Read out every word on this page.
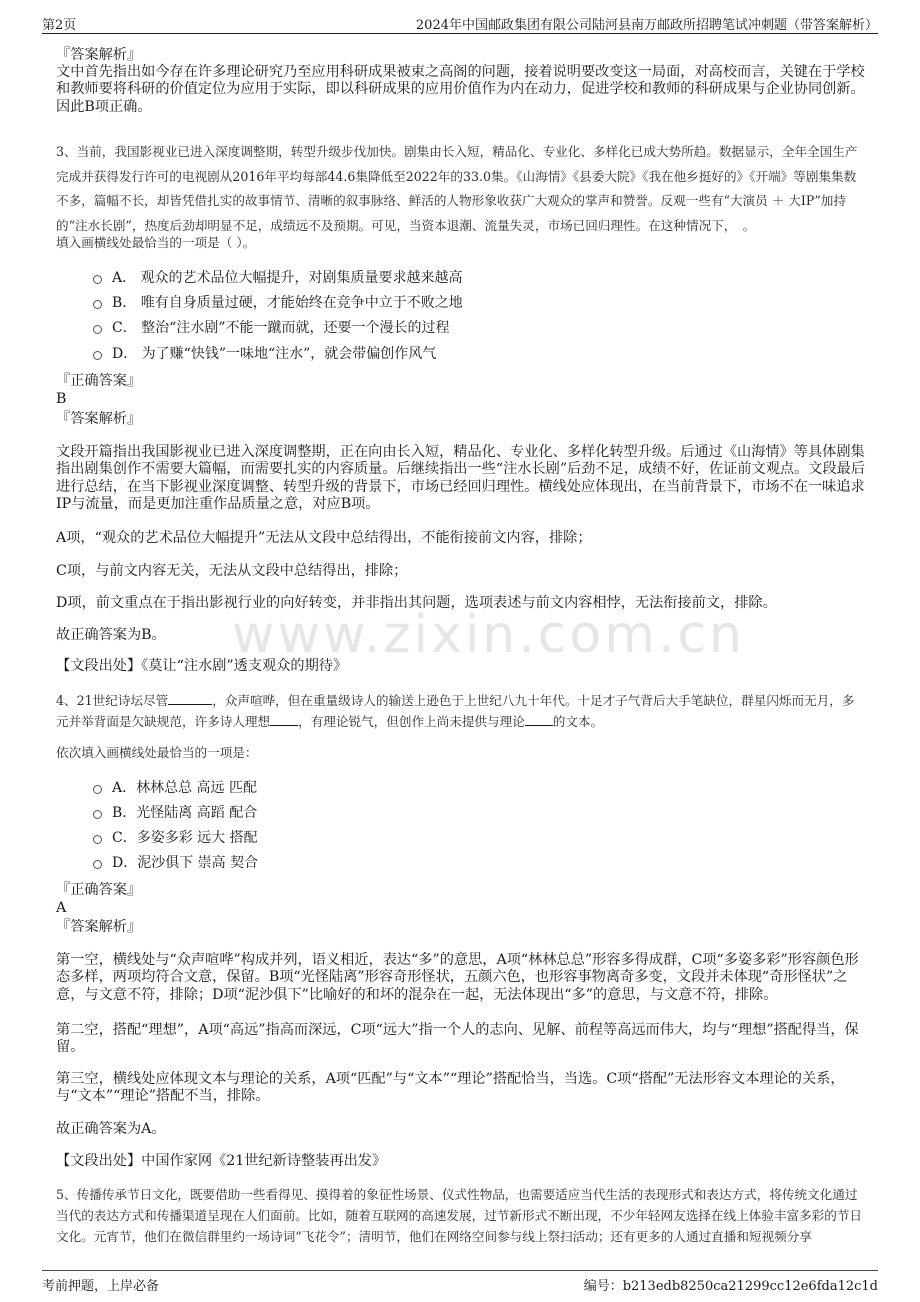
第2页	2024年中国邮政集团有限公司陆河县南万邮政所招聘笔试冲刺题（带答案解析）
www.zixin.com.cn
『答案解析』
文中首先指出如今存在许多理论研究乃至应用科研成果被束之高阁的问题，接着说明要改变这一局面，对高校而言，关键在于学校和教师要将科研的价值定位为应用于实际，即以科研成果的应用价值作为内在动力，促进学校和教师的科研成果与企业协同创新。因此B项正确。
3、当前，我国影视业已进入深度调整期，转型升级步伐加快。剧集由长入短，精品化、专业化、多样化已成大势所趋。数据显示，全年全国生产完成并获得发行许可的电视剧从2016年平均每部44.6集降低至2022年的33.0集。《山海情》《县委大院》《我在他乡挺好的》《开端》等剧集集数不多，篇幅不长，却皆凭借扎实的故事情节、清晰的叙事脉络、鲜活的人物形象收获广大观众的掌声和赞誉。反观一些有“大演员 ＋ 大IP”加持的“注水长剧”，热度后劲却明显不足，成绩远不及预期。可见，当资本退潮、流量失灵，市场已回归理性。在这种情况下，　。
填入画横线处最恰当的一项是（ ）。
A． 观众的艺术品位大幅提升，对剧集质量要求越来越高
B． 唯有自身质量过硬，才能始终在竞争中立于不败之地
C． 整治“注水剧”不能一蹴而就，还要一个漫长的过程
D． 为了赚“快钱”一味地“注水”，就会带偏创作风气
『正确答案』
B
『答案解析』
文段开篇指出我国影视业已进入深度调整期，正在向由长入短，精品化、专业化、多样化转型升级。后通过《山海情》等具体剧集指出剧集创作不需要大篇幅，而需要扎实的内容质量。后继续指出一些“注水长剧”后劲不足，成绩不好，佐证前文观点。文段最后进行总结，在当下影视业深度调整、转型升级的背景下，市场已经回归理性。横线处应体现出，在当前背景下，市场不在一味追求IP与流量，而是更加注重作品质量之意，对应B项。
A项，“观众的艺术品位大幅提升”无法从文段中总结得出，不能衔接前文内容，排除；
C项，与前文内容无关，无法从文段中总结得出，排除；
D项，前文重点在于指出影视行业的向好转变，并非指出其问题，选项表述与前文内容相悖，无法衔接前文，排除。
故正确答案为B。
【文段出处】《莫让“注水剧”透支观众的期待》
4、21世纪诗坛尽管	，众声喧哗，但在重量级诗人的输送上逊色于上世纪八九十年代。十足才子气背后大手笔缺位，群星闪烁而无月，多元并举背面是欠缺规范，许多诗人理想 ，有理论锐气，但创作上尚未提供与理论 的文本。
依次填入画横线处最恰当的一项是：
A．林林总总 高远 匹配
B．光怪陆离 高蹈 配合
C．多姿多彩 远大 搭配
D．泥沙俱下 崇高 契合
『正确答案』
A
『答案解析』
第一空，横线处与“众声喧哗”构成并列，语义相近，表达“多”的意思，A项“林林总总”形容多得成群，C项“多姿多彩”形容颜色形态多样，两项均符合文意，保留。B项“光怪陆离”形容奇形怪状，五颜六色，也形容事物离奇多变，文段并未体现“奇形怪状”之意，与文意不符，排除；D项“泥沙俱下”比喻好的和坏的混杂在一起，无法体现出“多”的意思，与文意不符，排除。
第二空，搭配“理想”，A项“高远”指高而深远，C项“远大”指一个人的志向、见解、前程等高远而伟大，均与“理想”搭配得当，保留。
第三空，横线处应体现文本与理论的关系，A项“匹配”与“文本”“理论”搭配恰当，当选。C项“搭配”无法形容文本理论的关系，与“文本”“理论”搭配不当，排除。
故正确答案为A。
【文段出处】中国作家网《21世纪新诗整装再出发》
5、传播传承节日文化，既要借助一些看得见、摸得着的象征性场景、仪式性物品，也需要适应当代生活的表现形式和表达方式，将传统文化通过当代的表达方式和传播渠道呈现在人们面前。比如，随着互联网的高速发展，过节新形式不断出现，不少年轻网友选择在线上体验丰富多彩的节日文化。元宵节，他们在微信群里约一场诗词“飞花令”；清明节，他们在网络空间参与线上祭扫活动；还有更多的人通过直播和短视频分享
考前押题，上岸必备	编号：b213edb8250ca21299cc12e6fda12c1d
